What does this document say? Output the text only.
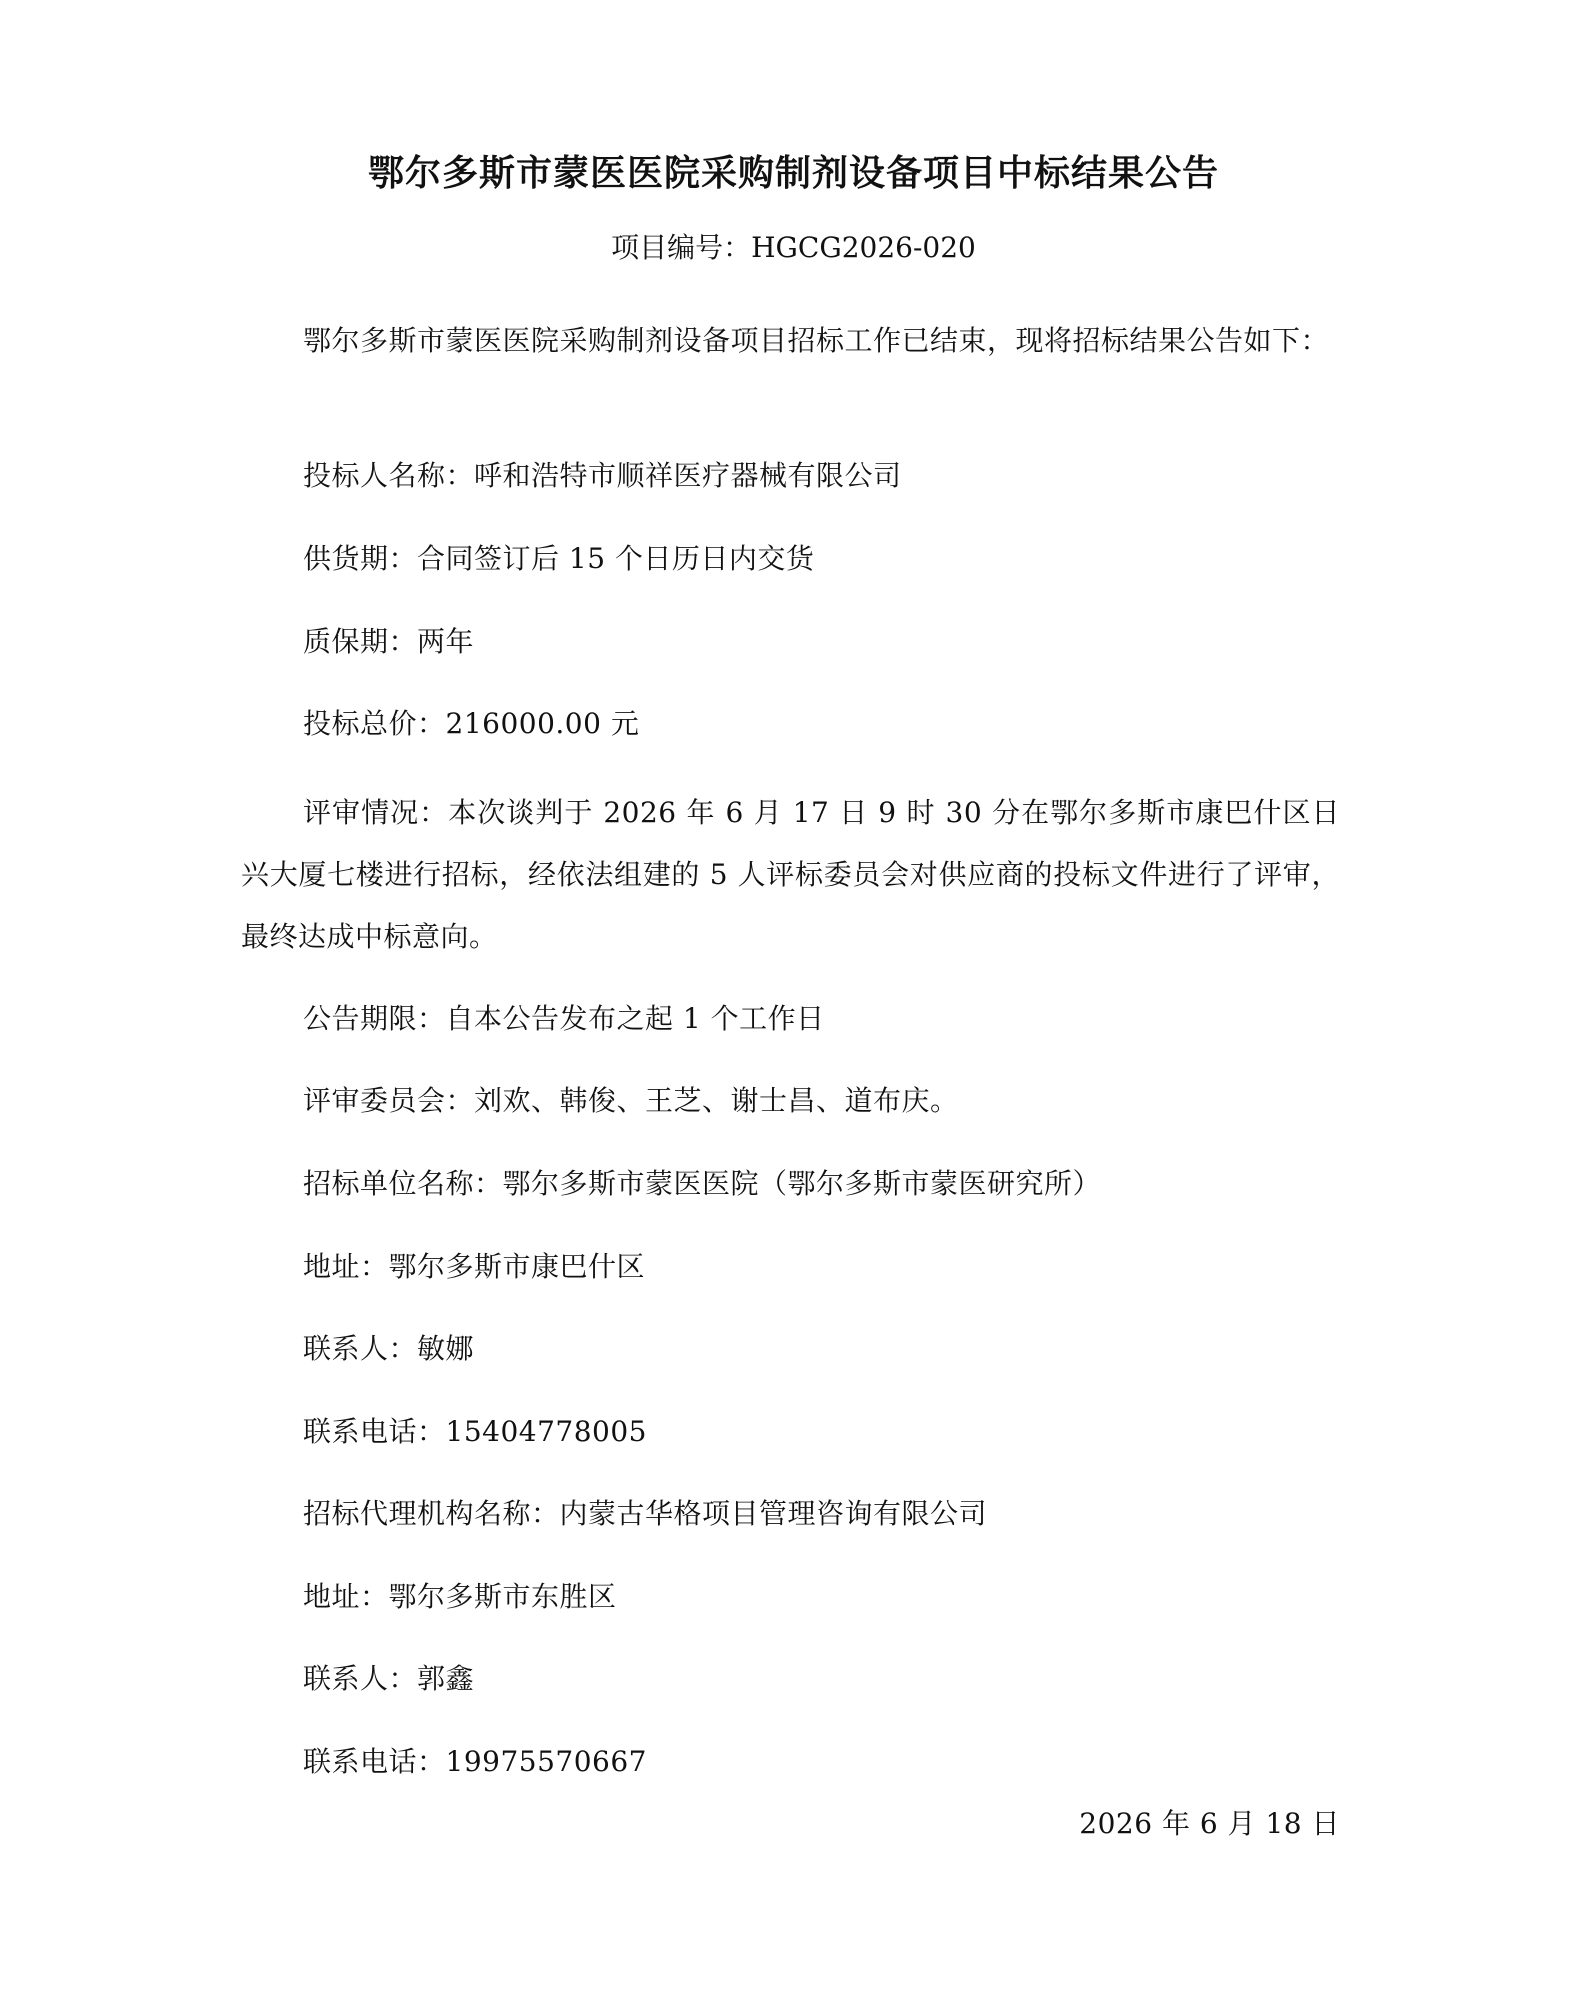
鄂尔多斯市蒙医医院采购制剂设备项目中标结果公告
项目编号：HGCG2026-020
鄂尔多斯市蒙医医院采购制剂设备项目招标工作已结束，现将招标结果公告如下：
投标人名称：呼和浩特市顺祥医疗器械有限公司
供货期：合同签订后 15 个日历日内交货
质保期：两年
投标总价：216000.00 元
评审情况：本次谈判于 2026 年 6 月 17 日 9 时 30 分在鄂尔多斯市康巴什区日兴大厦七楼进行招标，经依法组建的 5 人评标委员会对供应商的投标文件进行了评审，最终达成中标意向。
公告期限：自本公告发布之起 1 个工作日
评审委员会：刘欢、韩俊、王芝、谢士昌、道布庆。
招标单位名称：鄂尔多斯市蒙医医院（鄂尔多斯市蒙医研究所）
地址：鄂尔多斯市康巴什区
联系人：敏娜
联系电话：15404778005
招标代理机构名称：内蒙古华格项目管理咨询有限公司
地址：鄂尔多斯市东胜区
联系人：郭鑫
联系电话：19975570667
2026 年 6 月 18 日
